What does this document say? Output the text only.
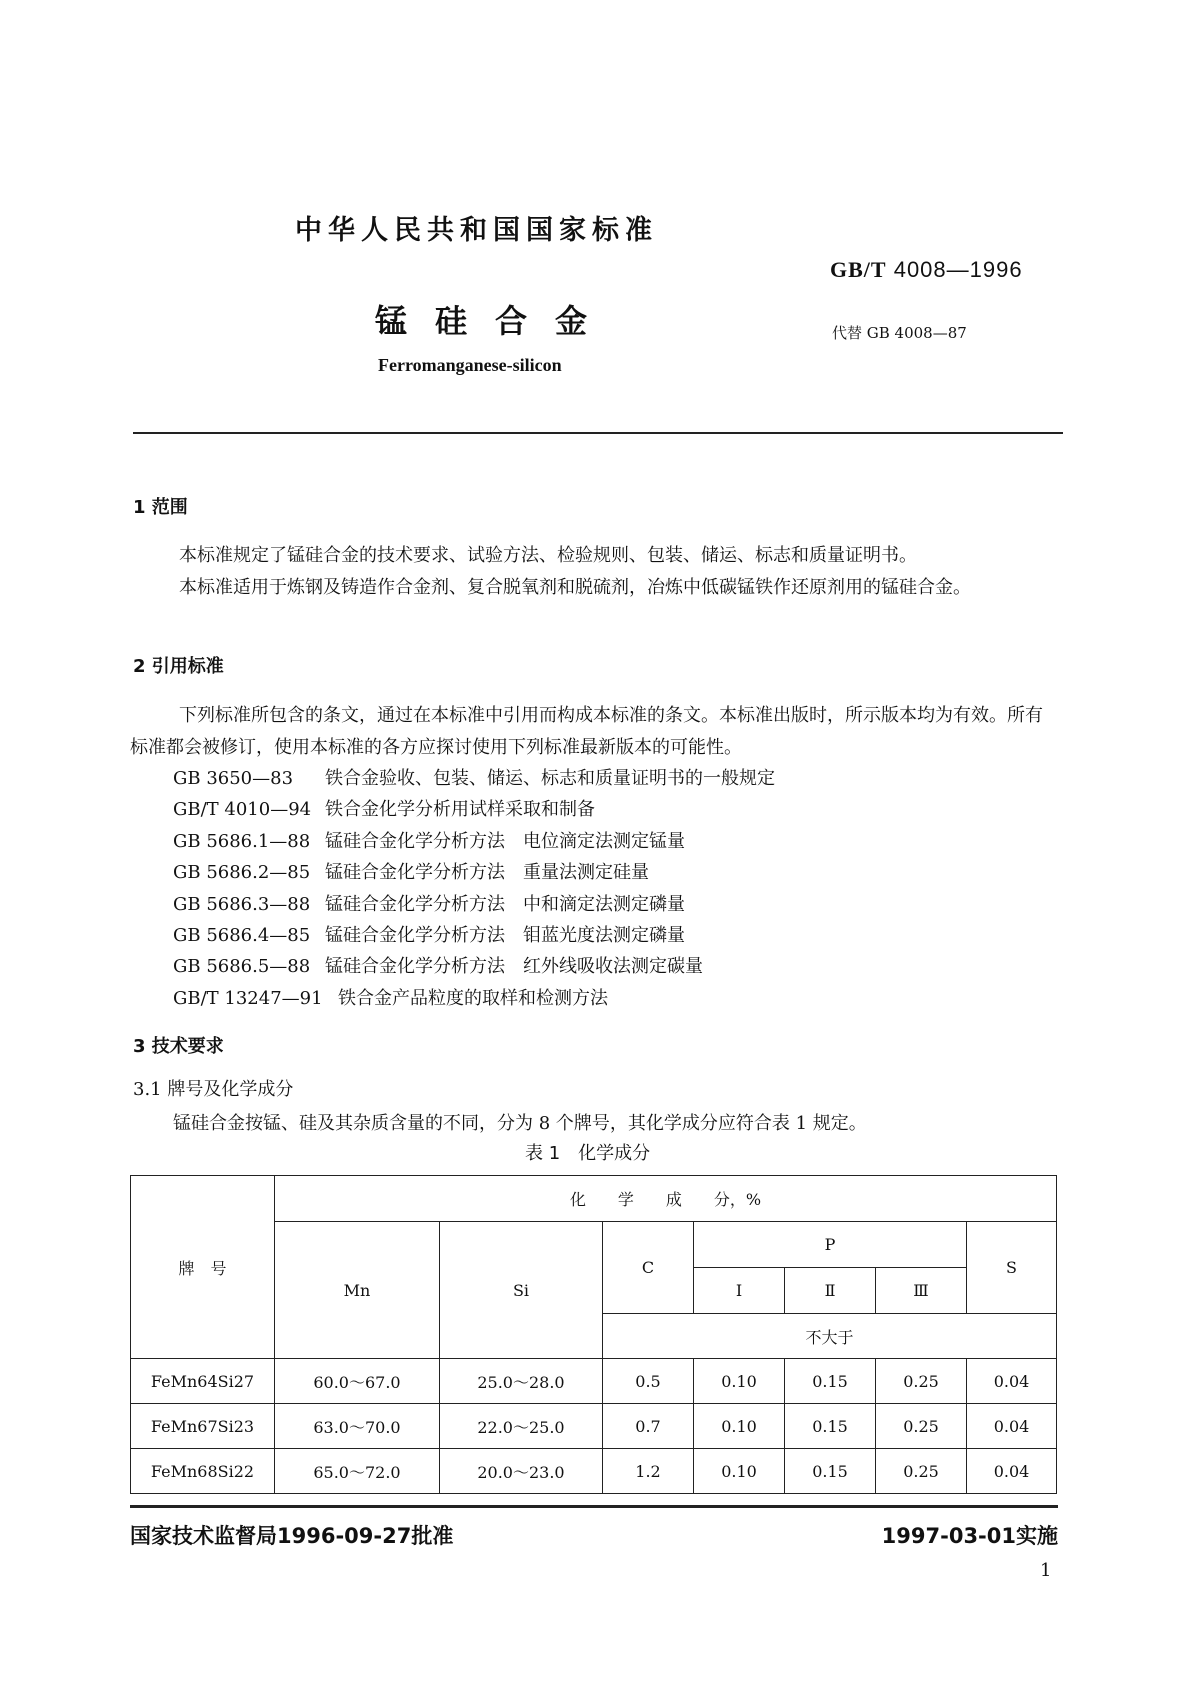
中华人民共和国国家标准
GB/T 4008—1996
锰硅合金	代替 GB 4008—87
Ferromanganese-silicon
1 范围
本标准规定了锰硅合金的技术要求、试验方法、检验规则、包装、储运、标志和质量证明书。
本标准适用于炼钢及铸造作合金剂、复合脱氧剂和脱硫剂，冶炼中低碳锰铁作还原剂用的锰硅合金。
2 引用标准
下列标准所包含的条文，通过在本标准中引用而构成本标准的条文。本标准出版时，所示版本均为有效。所有标准都会被修订，使用本标准的各方应探讨使用下列标准最新版本的可能性。
GB 3650—83 铁合金验收、包装、储运、标志和质量证明书的一般规定
GB/T 4010—94 铁合金化学分析用试样采取和制备
GB 5686.1—88 锰硅合金化学分析方法　电位滴定法测定锰量
GB 5686.2—85 锰硅合金化学分析方法　重量法测定硅量
GB 5686.3—88 锰硅合金化学分析方法　中和滴定法测定磷量
GB 5686.4—85 锰硅合金化学分析方法　钼蓝光度法测定磷量
GB 5686.5—88 锰硅合金化学分析方法　红外线吸收法测定碳量
GB/T 13247—91 铁合金产品粒度的取样和检测方法
3 技术要求
3.1 牌号及化学成分
锰硅合金按锰、硅及其杂质含量的不同，分为 8 个牌号，其化学成分应符合表 1 规定。
表 1　化学成分
牌　号	化　　学　　成　　分，%						
	Mn	Si	C	P			S
				I	Ⅱ	Ⅲ	
			不大于				
FeMn64Si27	60.0～67.0	25.0～28.0	0.5	0.10	0.15	0.25	0.04
FeMn67Si23	63.0～70.0	22.0～25.0	0.7	0.10	0.15	0.25	0.04
FeMn68Si22	65.0～72.0	20.0～23.0	1.2	0.10	0.15	0.25	0.04
国家技术监督局1996-09-27批准	1997-03-01实施
1
